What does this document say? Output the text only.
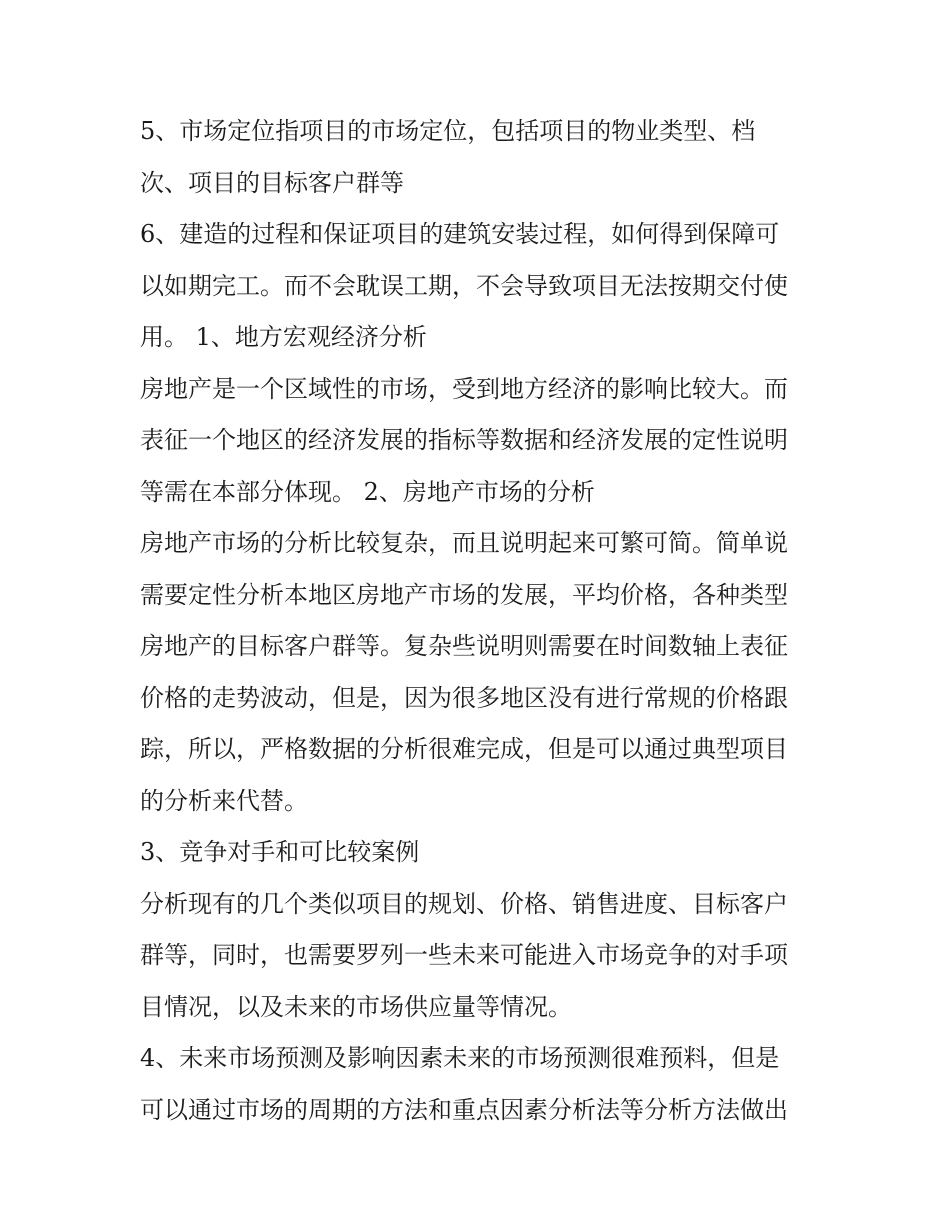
5、市场定位指项目的市场定位，包括项目的物业类型、档
次、项目的目标客户群等
6、建造的过程和保证项目的建筑安装过程，如何得到保障可
以如期完工。而不会耽误工期，不会导致项目无法按期交付使
用。 1、地方宏观经济分析
房地产是一个区域性的市场，受到地方经济的影响比较大。而
表征一个地区的经济发展的指标等数据和经济发展的定性说明
等需在本部分体现。 2、房地产市场的分析
房地产市场的分析比较复杂，而且说明起来可繁可简。简单说
需要定性分析本地区房地产市场的发展，平均价格，各种类型
房地产的目标客户群等。复杂些说明则需要在时间数轴上表征
价格的走势波动，但是，因为很多地区没有进行常规的价格跟
踪，所以，严格数据的分析很难完成，但是可以通过典型项目
的分析来代替。
3、竞争对手和可比较案例
分析现有的几个类似项目的规划、价格、销售进度、目标客户
群等，同时，也需要罗列一些未来可能进入市场竞争的对手项
目情况，以及未来的市场供应量等情况。
4、未来市场预测及影响因素未来的市场预测很难预料，但是
可以通过市场的周期的方法和重点因素分析法等分析方法做出
